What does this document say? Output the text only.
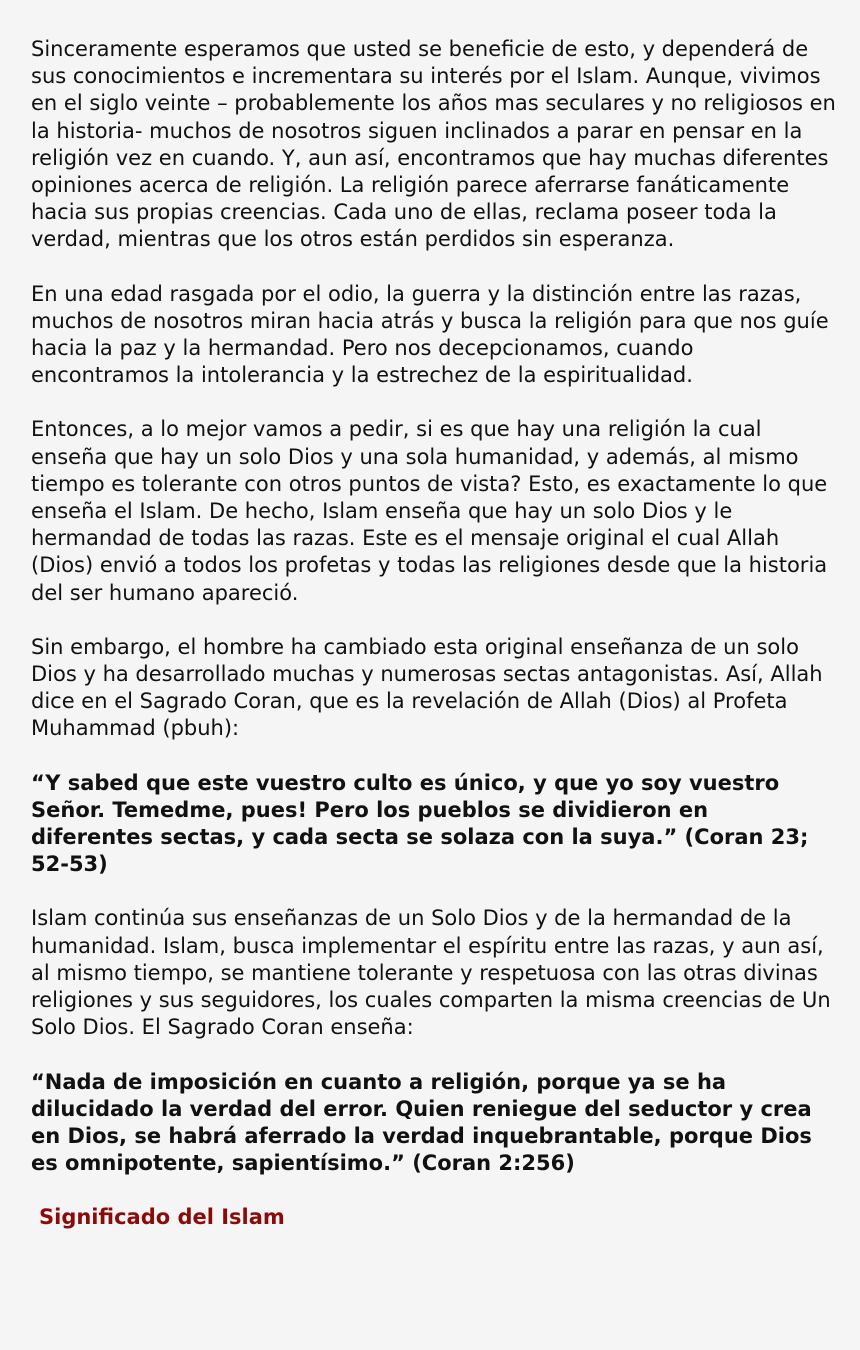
Sinceramente esperamos que usted se beneficie de esto, y dependerá de sus conocimientos e incrementara su interés por el Islam. Aunque, vivimos en el siglo veinte – probablemente los años mas seculares y no religiosos en la historia- muchos de nosotros siguen inclinados a parar en pensar en la religión vez en cuando. Y, aun así, encontramos que hay muchas diferentes opiniones acerca de religión. La religión parece aferrarse fanáticamente hacia sus propias creencias. Cada uno de ellas, reclama poseer toda la verdad, mientras que los otros están perdidos sin esperanza.

En una edad rasgada por el odio, la guerra y la distinción entre las razas, muchos de nosotros miran hacia atrás y busca la religión para que nos guíe hacia la paz y la hermandad. Pero nos decepcionamos, cuando encontramos la intolerancia y la estrechez de la espiritualidad.

Entonces, a lo mejor vamos a pedir, si es que hay una religión la cual enseña que hay un solo Dios y una sola humanidad, y además, al mismo tiempo es tolerante con otros puntos de vista? Esto, es exactamente lo que enseña el Islam. De hecho, Islam enseña que hay un solo Dios y le hermandad de todas las razas. Este es el mensaje original el cual Allah (Dios) envió a todos los profetas y todas las religiones desde que la historia del ser humano apareció.

Sin embargo, el hombre ha cambiado esta original enseñanza de un solo Dios y ha desarrollado muchas y numerosas sectas antagonistas. Así, Allah dice en el Sagrado Coran, que es la revelación de Allah (Dios) al Profeta Muhammad (pbuh):

“Y sabed que este vuestro culto es único, y que yo soy vuestro Señor. Temedme, pues! Pero los pueblos se dividieron en diferentes sectas, y cada secta se solaza con la suya.” (Coran 23; 52-53)

Islam continúa sus enseñanzas de un Solo Dios y de la hermandad de la humanidad. Islam, busca implementar el espíritu entre las razas, y aun así, al mismo tiempo, se mantiene tolerante y respetuosa con las otras divinas religiones y sus seguidores, los cuales comparten la misma creencias de Un Solo Dios. El Sagrado Coran enseña:

“Nada de imposición en cuanto a religión, porque ya se ha dilucidado la verdad del error. Quien reniegue del seductor y crea en Dios, se habrá aferrado la verdad inquebrantable, porque Dios es omnipotente, sapientísimo.” (Coran 2:256)

Significado del Islam
